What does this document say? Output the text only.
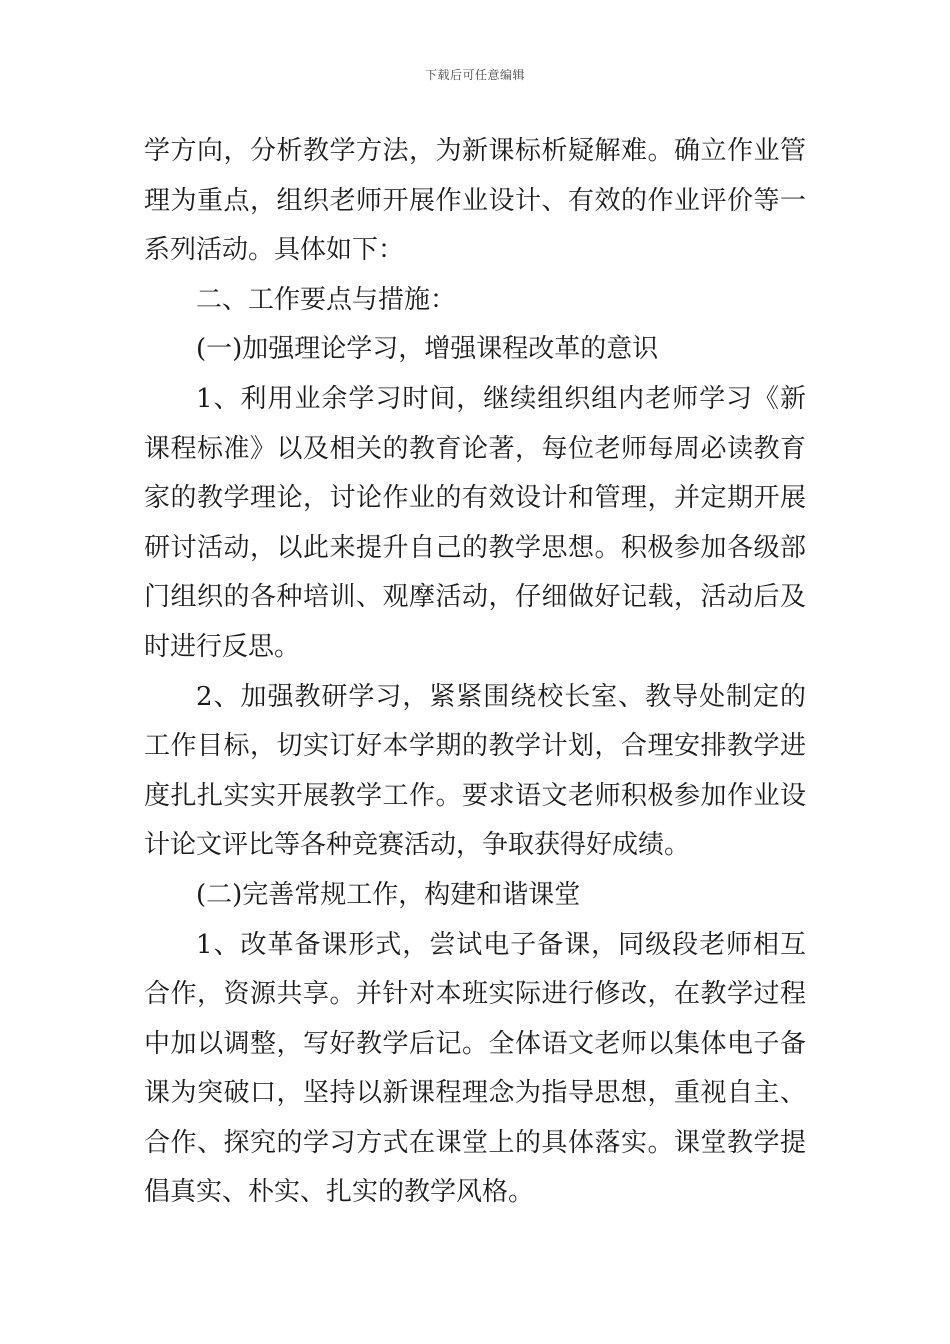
下载后可任意编辑

学方向，分析教学方法，为新课标析疑解难。确立作业管理为重点，组织老师开展作业设计、有效的作业评价等一系列活动。具体如下：

二、工作要点与措施：

(一)加强理论学习，增强课程改革的意识

1、利用业余学习时间，继续组织组内老师学习《新课程标准》以及相关的教育论著，每位老师每周必读教育家的教学理论，讨论作业的有效设计和管理，并定期开展研讨活动，以此来提升自己的教学思想。积极参加各级部门组织的各种培训、观摩活动，仔细做好记载，活动后及时进行反思。

2、加强教研学习，紧紧围绕校长室、教导处制定的工作目标，切实订好本学期的教学计划，合理安排教学进度扎扎实实开展教学工作。要求语文老师积极参加作业设计论文评比等各种竞赛活动，争取获得好成绩。

(二)完善常规工作，构建和谐课堂

1、改革备课形式，尝试电子备课，同级段老师相互合作，资源共享。并针对本班实际进行修改，在教学过程中加以调整，写好教学后记。全体语文老师以集体电子备课为突破口，坚持以新课程理念为指导思想，重视自主、合作、探究的学习方式在课堂上的具体落实。课堂教学提倡真实、朴实、扎实的教学风格。
